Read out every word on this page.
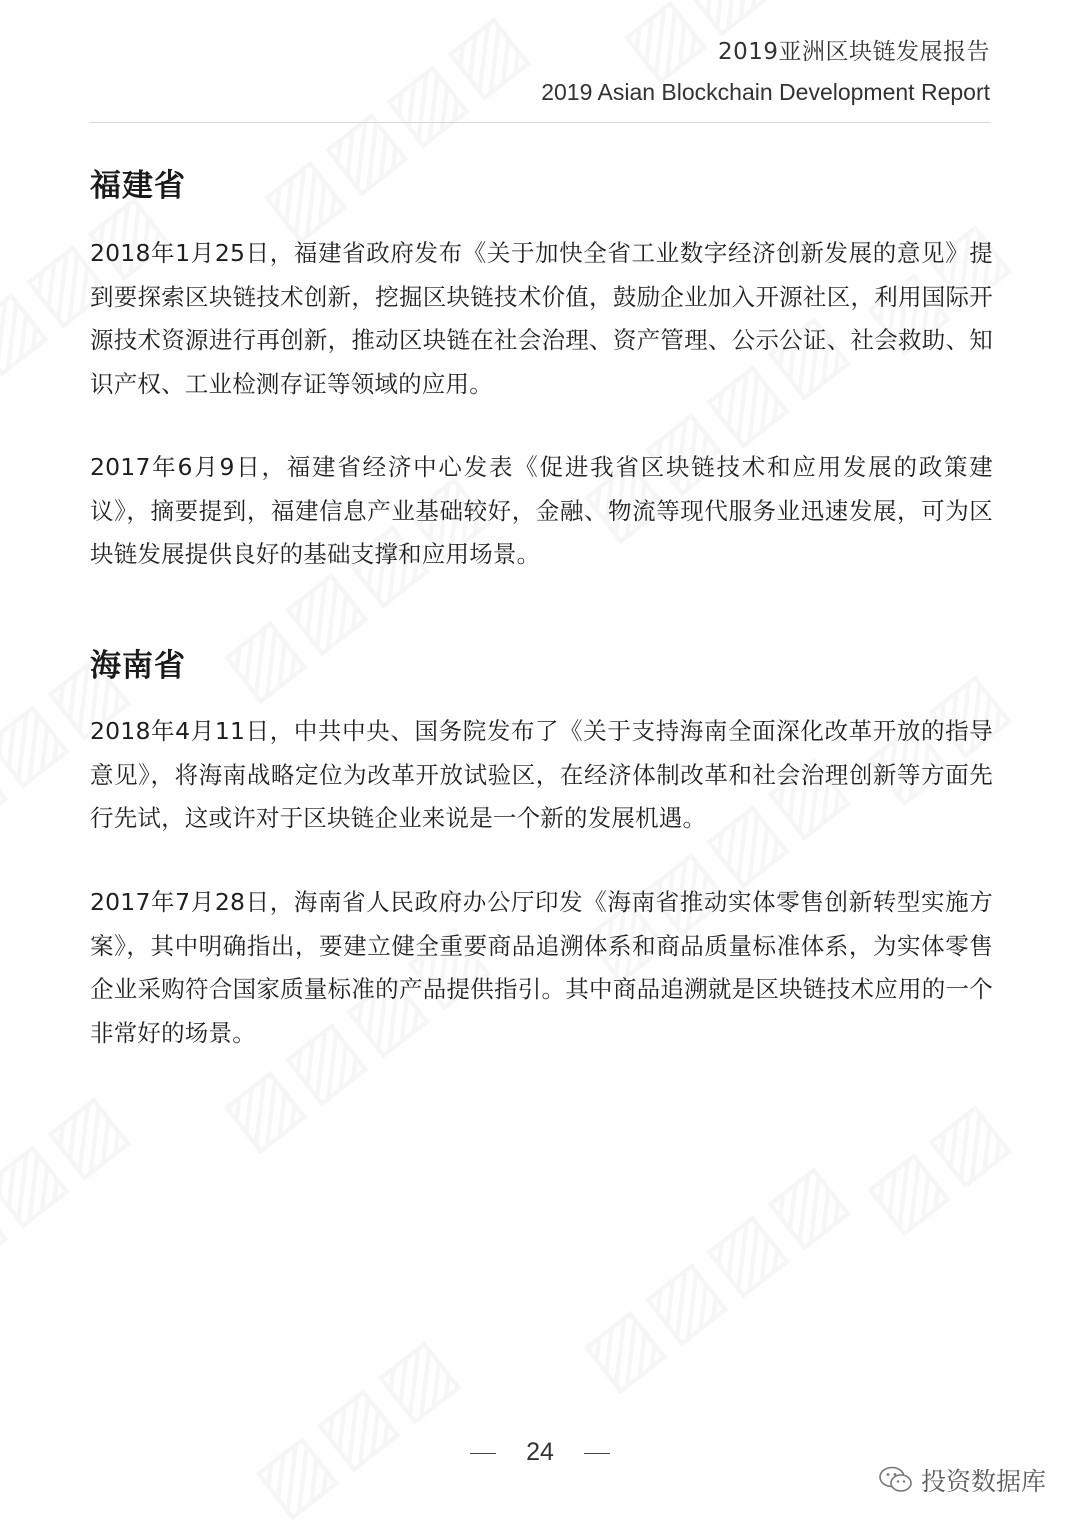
2019亚洲区块链发展报告
2019 Asian Blockchain Development Report
福建省

2018年1月25日，福建省政府发布《关于加快全省工业数字经济创新发展的意见》提到要探索区块链技术创新，挖掘区块链技术价值，鼓励企业加入开源社区，利用国际开源技术资源进行再创新，推动区块链在社会治理、资产管理、公示公证、社会救助、知识产权、工业检测存证等领域的应用。

2017年6月9日，福建省经济中心发表《促进我省区块链技术和应用发展的政策建议》，摘要提到，福建信息产业基础较好，金融、物流等现代服务业迅速发展，可为区块链发展提供良好的基础支撑和应用场景。

海南省

2018年4月11日，中共中央、国务院发布了《关于支持海南全面深化改革开放的指导意见》，将海南战略定位为改革开放试验区，在经济体制改革和社会治理创新等方面先行先试，这或许对于区块链企业来说是一个新的发展机遇。

2017年7月28日，海南省人民政府办公厅印发《海南省推动实体零售创新转型实施方案》，其中明确指出，要建立健全重要商品追溯体系和商品质量标准体系，为实体零售企业采购符合国家质量标准的产品提供指引。其中商品追溯就是区块链技术应用的一个非常好的场景。

24
投资数据库
